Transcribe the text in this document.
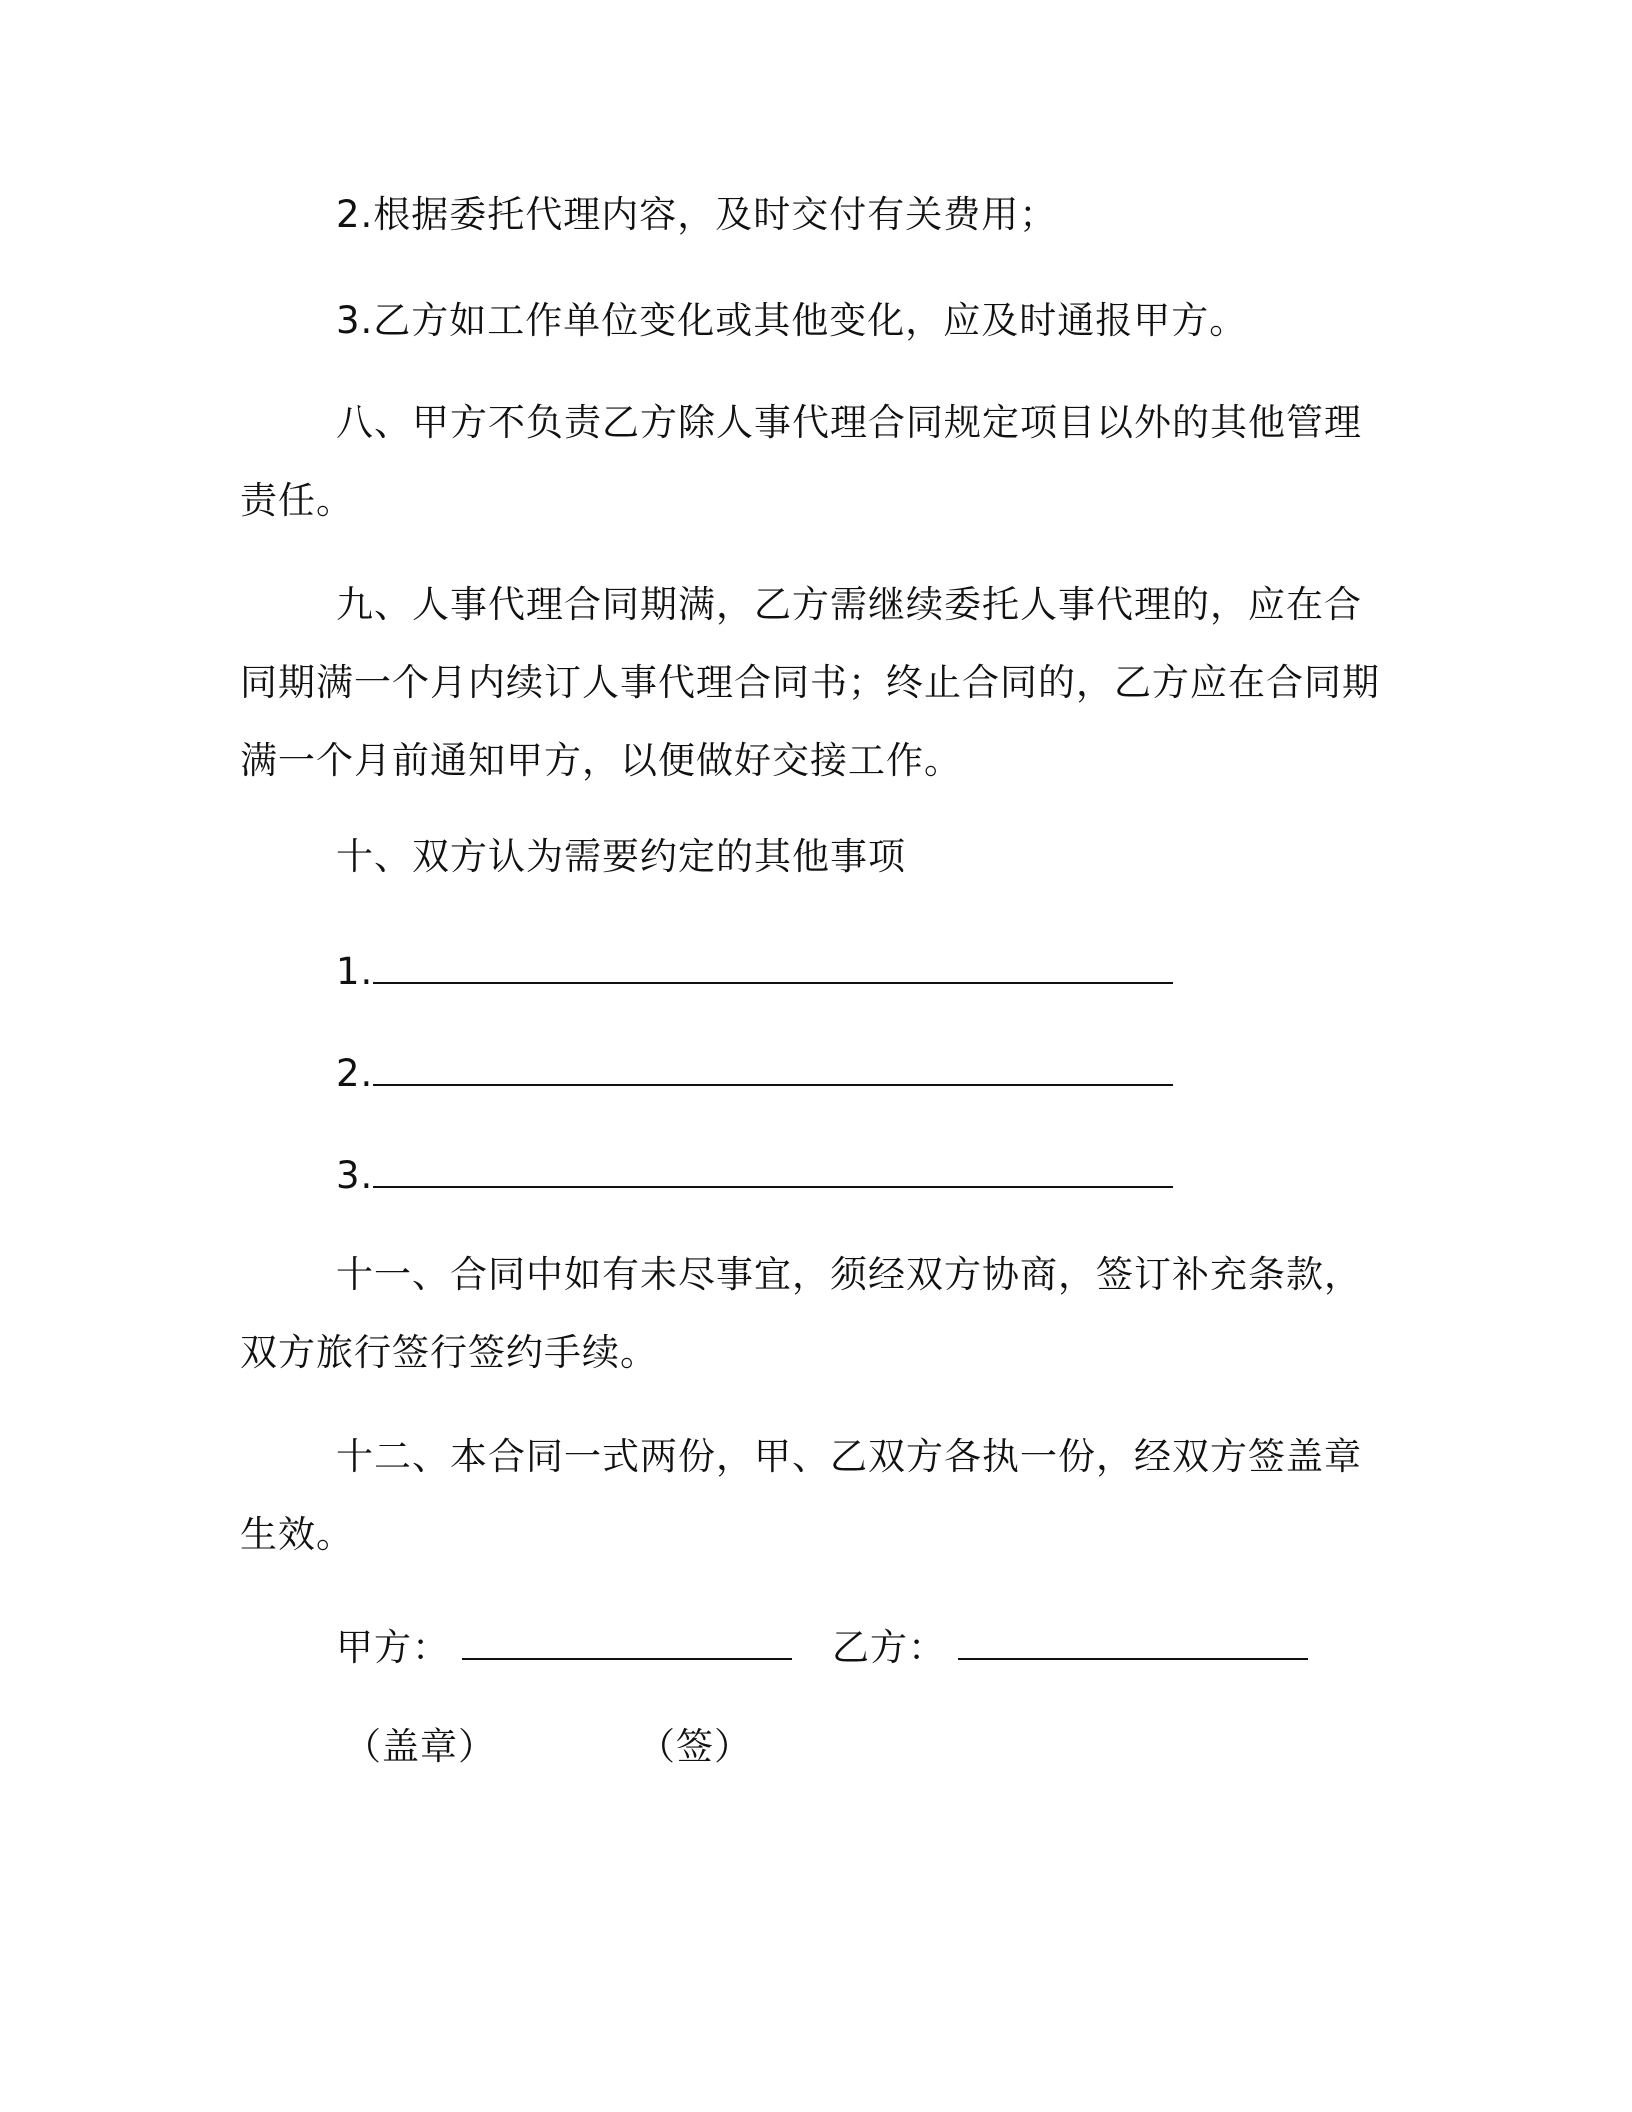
2.根据委托代理内容，及时交付有关费用；
3.乙方如工作单位变化或其他变化，应及时通报甲方。
八、甲方不负责乙方除人事代理合同规定项目以外的其他管理责任。
九、人事代理合同期满，乙方需继续委托人事代理的，应在合同期满一个月内续订人事代理合同书；终止合同的，乙方应在合同期满一个月前通知甲方，以便做好交接工作。
十、双方认为需要约定的其他事项
1.
2.
3.
十一、合同中如有未尽事宜，须经双方协商，签订补充条款，双方旅行签行签约手续。
十二、本合同一式两份，甲、乙双方各执一份，经双方签盖章生效。
甲方：	乙方：
（盖章）	（签）
